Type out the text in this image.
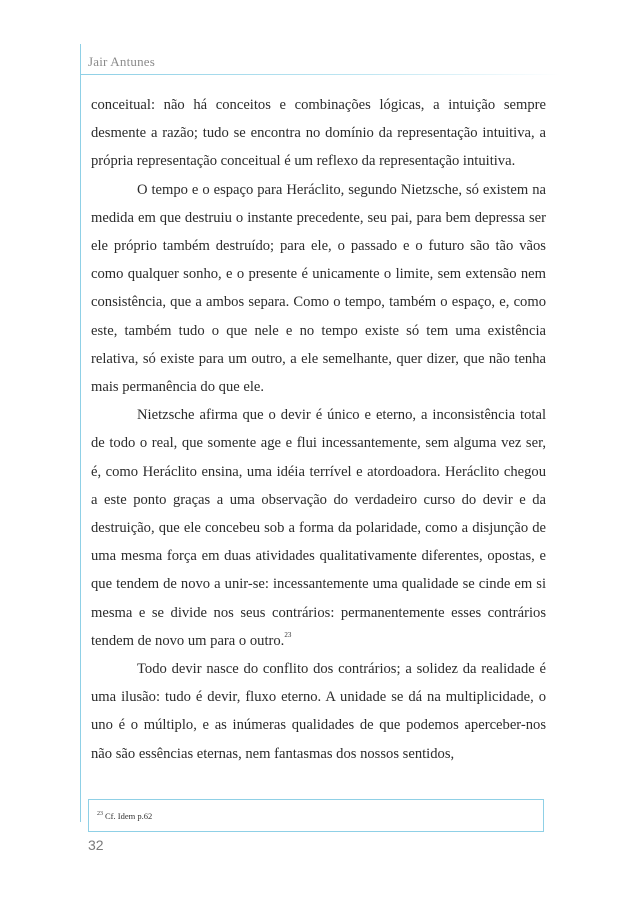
Jair Antunes

conceitual: não há conceitos e combinações lógicas, a intuição sempre desmente a razão; tudo se encontra no domínio da representação intuitiva, a própria representação conceitual é um reflexo da representação intuitiva.

O tempo e o espaço para Heráclito, segundo Nietzsche, só existem na medida em que destruiu o instante precedente, seu pai, para bem depressa ser ele próprio também destruído; para ele, o passado e o futuro são tão vãos como qualquer sonho, e o presente é unicamente o limite, sem extensão nem consistência, que a ambos separa. Como o tempo, também o espaço, e, como este, também tudo o que nele e no tempo existe só tem uma existência relativa, só existe para um outro, a ele semelhante, quer dizer, que não tenha mais permanência do que ele.

Nietzsche afirma que o devir é único e eterno, a inconsistência total de todo o real, que somente age e flui incessantemente, sem alguma vez ser, é, como Heráclito ensina, uma idéia terrível e atordoadora. Heráclito chegou a este ponto graças a uma observação do verdadeiro curso do devir e da destruição, que ele concebeu sob a forma da polaridade, como a disjunção de uma mesma força em duas atividades qualitativamente diferentes, opostas, e que tendem de novo a unir-se: incessantemente uma qualidade se cinde em si mesma e se divide nos seus contrários: permanentemente esses contrários tendem de novo um para o outro.$^{23}$

Todo devir nasce do conflito dos contrários; a solidez da realidade é uma ilusão: tudo é devir, fluxo eterno. A unidade se dá na multiplicidade, o uno é o múltiplo, e as inúmeras qualidades de que podemos aperceber-nos não são essências eternas, nem fantasmas dos nossos sentidos,

$^{23}$ Cf. Idem p.62
32
